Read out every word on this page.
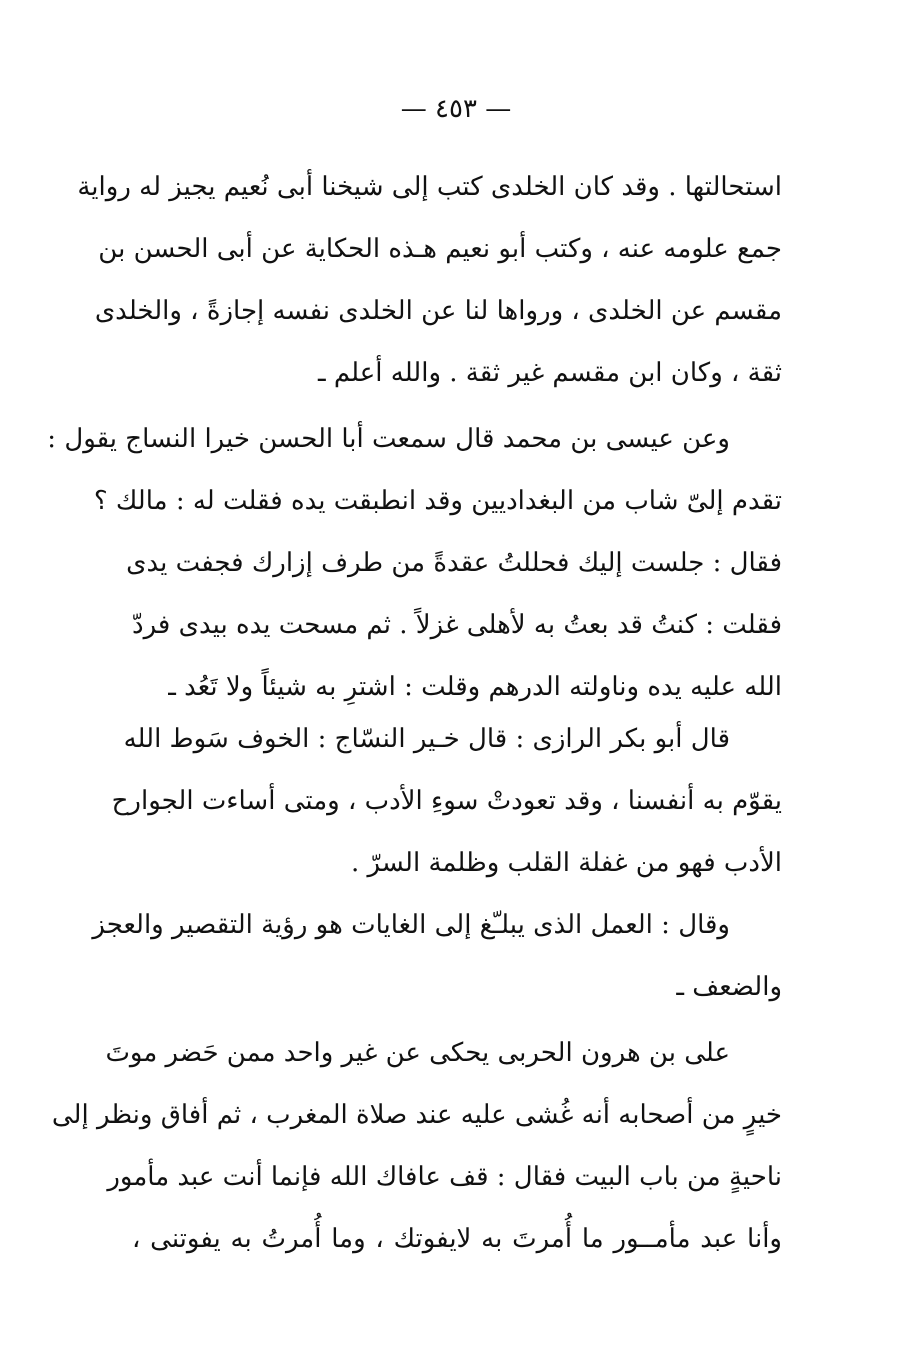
— ٤٥٣ —
استحالتها . وقد كان الخلدى كتب إلى شيخنا أبى نُعيم يجيز له رواية
جمع علومه عنه ، وكتب أبو نعيم هـذه الحكاية عن أبى الحسن بن
مقسم عن الخلدى ، ورواها لنا عن الخلدى نفسه إجازةً ، والخلدى
ثقة ، وكان ابن مقسم غير ثقة . والله أعلم ـ
وعن عيسى بن محمد قال سمعت أبا الحسن خيرا النساج يقول :
تقدم إلىّ شاب من البغداديين وقد انطبقت يده فقلت له : مالك ؟
فقال : جلست إليك فحللتُ عقدةً من طرف إزارك فجفت يدى
فقلت : كنتُ قد بعتُ به لأهلى غزلاً . ثم مسحت يده بيدى فردّ
الله عليه يده وناولته الدرهم وقلت : اشترِ به شيئاً ولا تَعُد ـ
قال أبو بكر الرازى : قال خـير النسّاج : الخوف سَوط الله
يقوّم به أنفسنا ، وقد تعودتْ سوءِ الأدب ، ومتى أساءت الجوارح
الأدب فهو من غفلة القلب وظلمة السرّ .
وقال : العمل الذى يبلـّغ إلى الغايات هو رؤية التقصير والعجز
والضعف ـ
على بن هرون الحربى يحكى عن غير واحد ممن حَضر موتَ
خيرٍ من أصحابه أنه غُشى عليه عند صلاة المغرب ، ثم أفاق ونظر إلى
ناحيةٍ من باب البيت فقال : قف عافاك الله فإنما أنت عبد مأمور
وأنا عبد مأمــور ما أُمرتَ به لايفوتك ، وما أُمرتُ به يفوتنى ،
